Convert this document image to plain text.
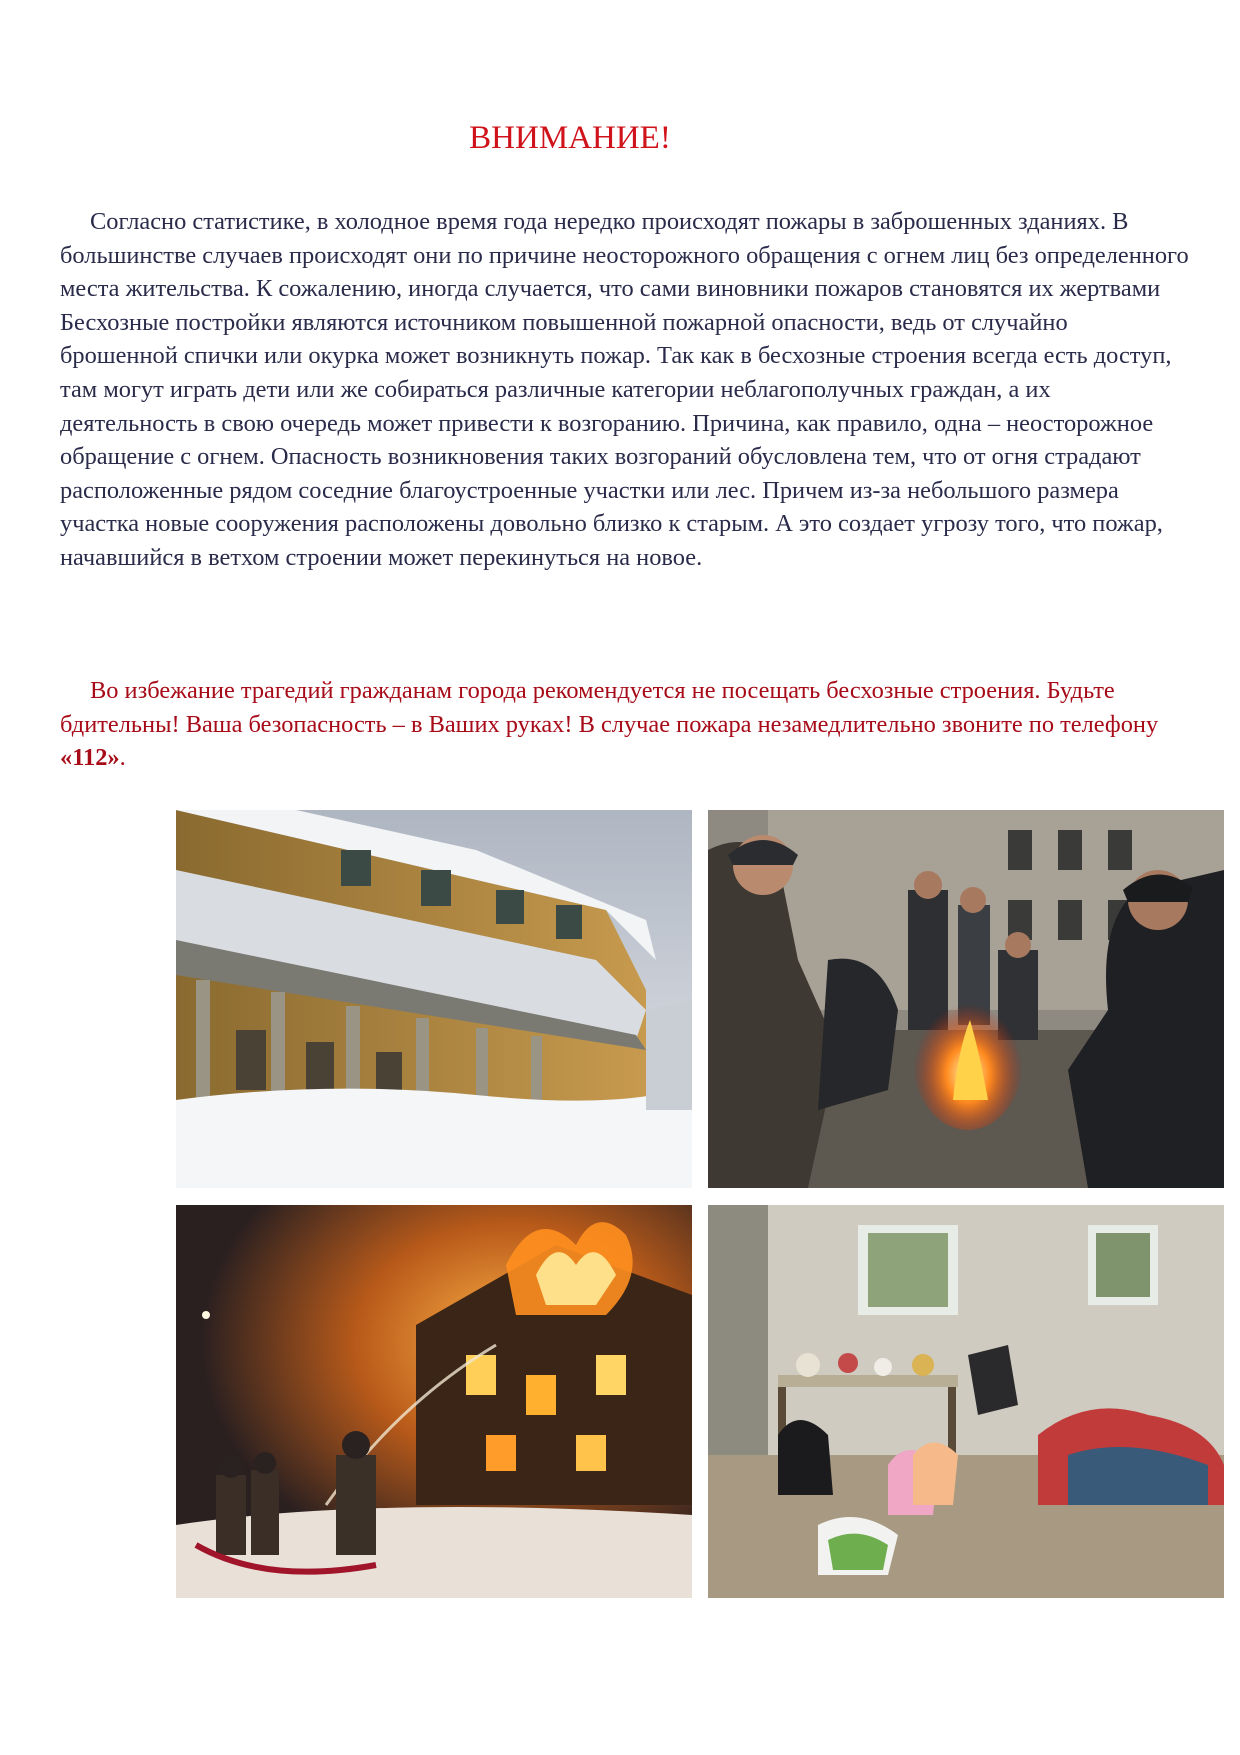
ВНИМАНИЕ!

Согласно статистике, в холодное время года нередко происходят пожары в заброшенных зданиях. В большинстве случаев происходят они по причине неосторожного обращения с огнем лиц без определенного места жительства. К сожалению, иногда случается, что сами виновники пожаров становятся их жертвами Бесхозные постройки являются источником повышенной пожарной опасности, ведь от случайно брошенной спички или окурка может возникнуть пожар. Так как в бесхозные строения всегда есть доступ, там могут играть дети или же собираться различные категории неблагополучных граждан, а их деятельность в свою очередь может привести к возгоранию. Причина, как правило, одна – неосторожное обращение с огнем. Опасность возникновения таких возгораний обусловлена тем, что от огня страдают расположенные рядом соседние благоустроенные участки или лес. Причем из-за небольшого размера участка новые сооружения расположены довольно близко к старым. А это создает угрозу того, что пожар, начавшийся в ветхом строении может перекинуться на новое.

Во избежание трагедий гражданам города рекомендуется не посещать бесхозные строения. Будьте бдительны! Ваша безопасность – в Ваших руках! В случае пожара незамедлительно звоните по телефону «112».
